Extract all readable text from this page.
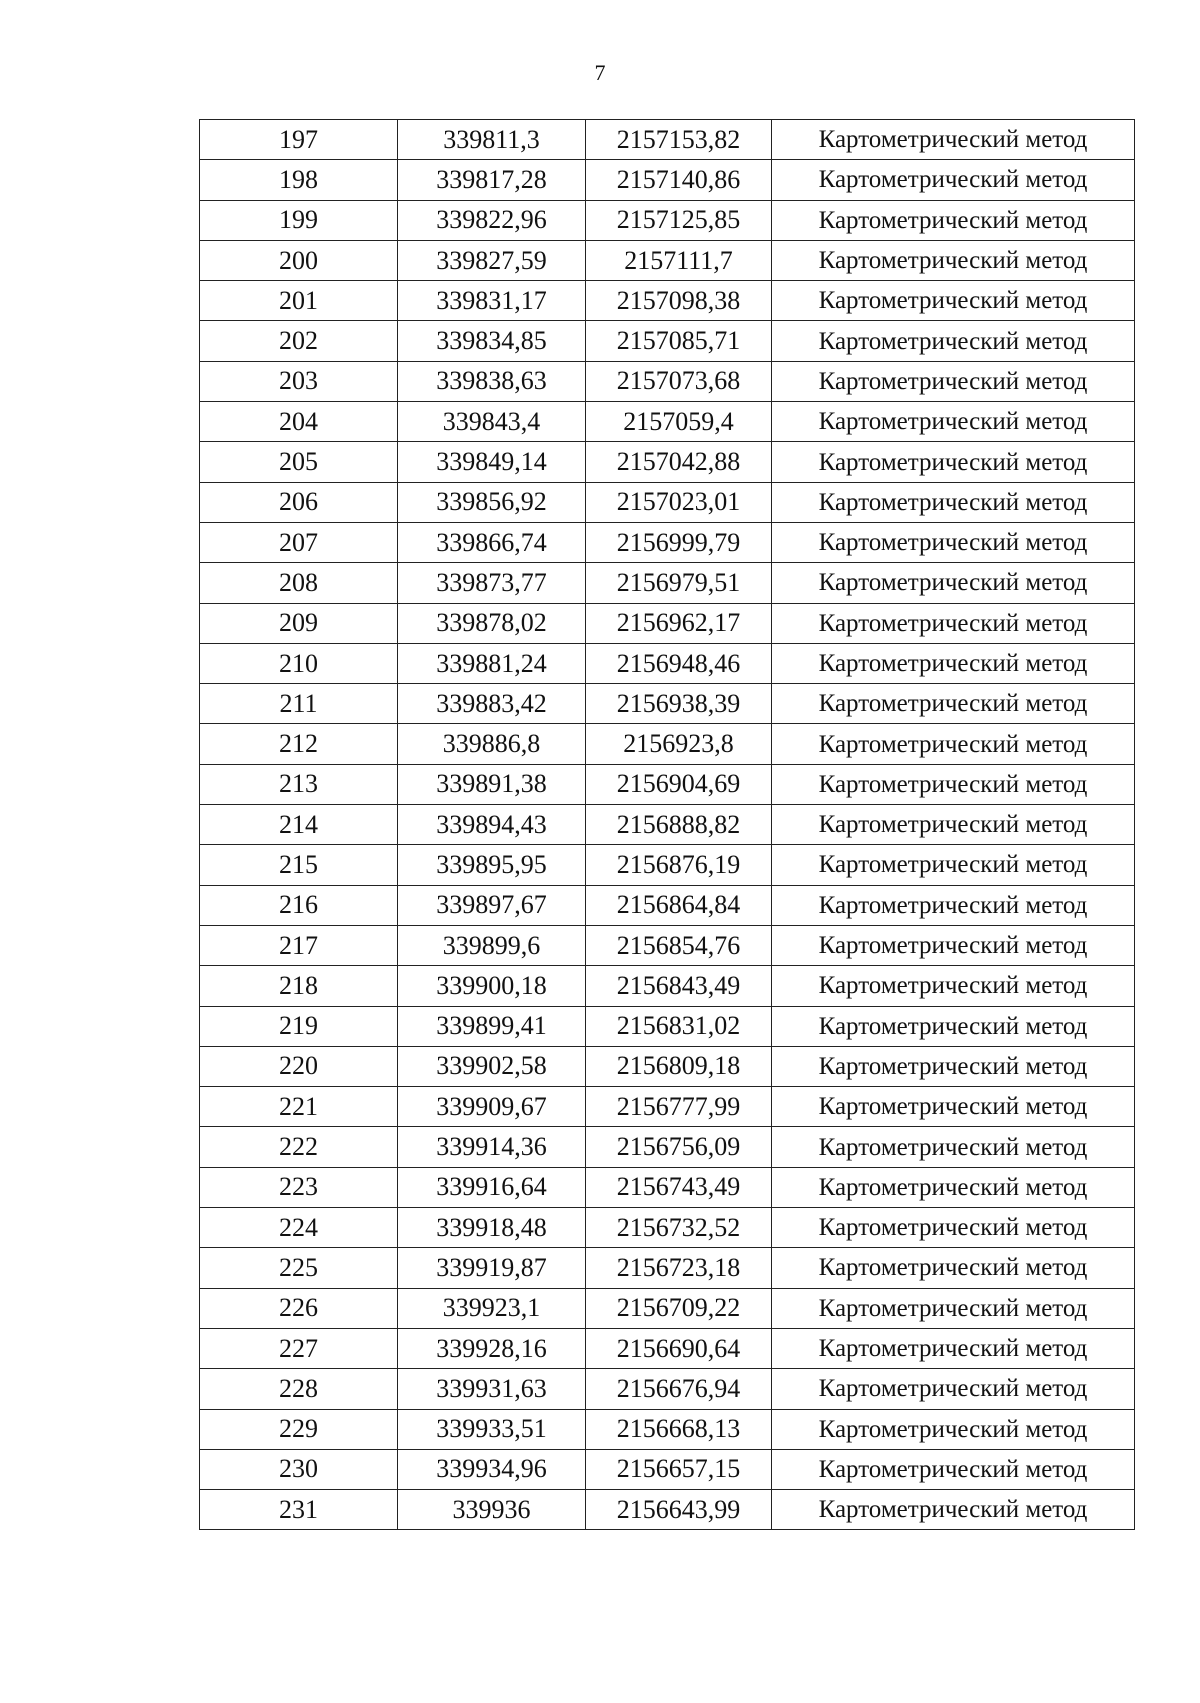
7
197	339811,3	2157153,82	Картометрический метод
198	339817,28	2157140,86	Картометрический метод
199	339822,96	2157125,85	Картометрический метод
200	339827,59	2157111,7	Картометрический метод
201	339831,17	2157098,38	Картометрический метод
202	339834,85	2157085,71	Картометрический метод
203	339838,63	2157073,68	Картометрический метод
204	339843,4	2157059,4	Картометрический метод
205	339849,14	2157042,88	Картометрический метод
206	339856,92	2157023,01	Картометрический метод
207	339866,74	2156999,79	Картометрический метод
208	339873,77	2156979,51	Картометрический метод
209	339878,02	2156962,17	Картометрический метод
210	339881,24	2156948,46	Картометрический метод
211	339883,42	2156938,39	Картометрический метод
212	339886,8	2156923,8	Картометрический метод
213	339891,38	2156904,69	Картометрический метод
214	339894,43	2156888,82	Картометрический метод
215	339895,95	2156876,19	Картометрический метод
216	339897,67	2156864,84	Картометрический метод
217	339899,6	2156854,76	Картометрический метод
218	339900,18	2156843,49	Картометрический метод
219	339899,41	2156831,02	Картометрический метод
220	339902,58	2156809,18	Картометрический метод
221	339909,67	2156777,99	Картометрический метод
222	339914,36	2156756,09	Картометрический метод
223	339916,64	2156743,49	Картометрический метод
224	339918,48	2156732,52	Картометрический метод
225	339919,87	2156723,18	Картометрический метод
226	339923,1	2156709,22	Картометрический метод
227	339928,16	2156690,64	Картометрический метод
228	339931,63	2156676,94	Картометрический метод
229	339933,51	2156668,13	Картометрический метод
230	339934,96	2156657,15	Картометрический метод
231	339936	2156643,99	Картометрический метод
